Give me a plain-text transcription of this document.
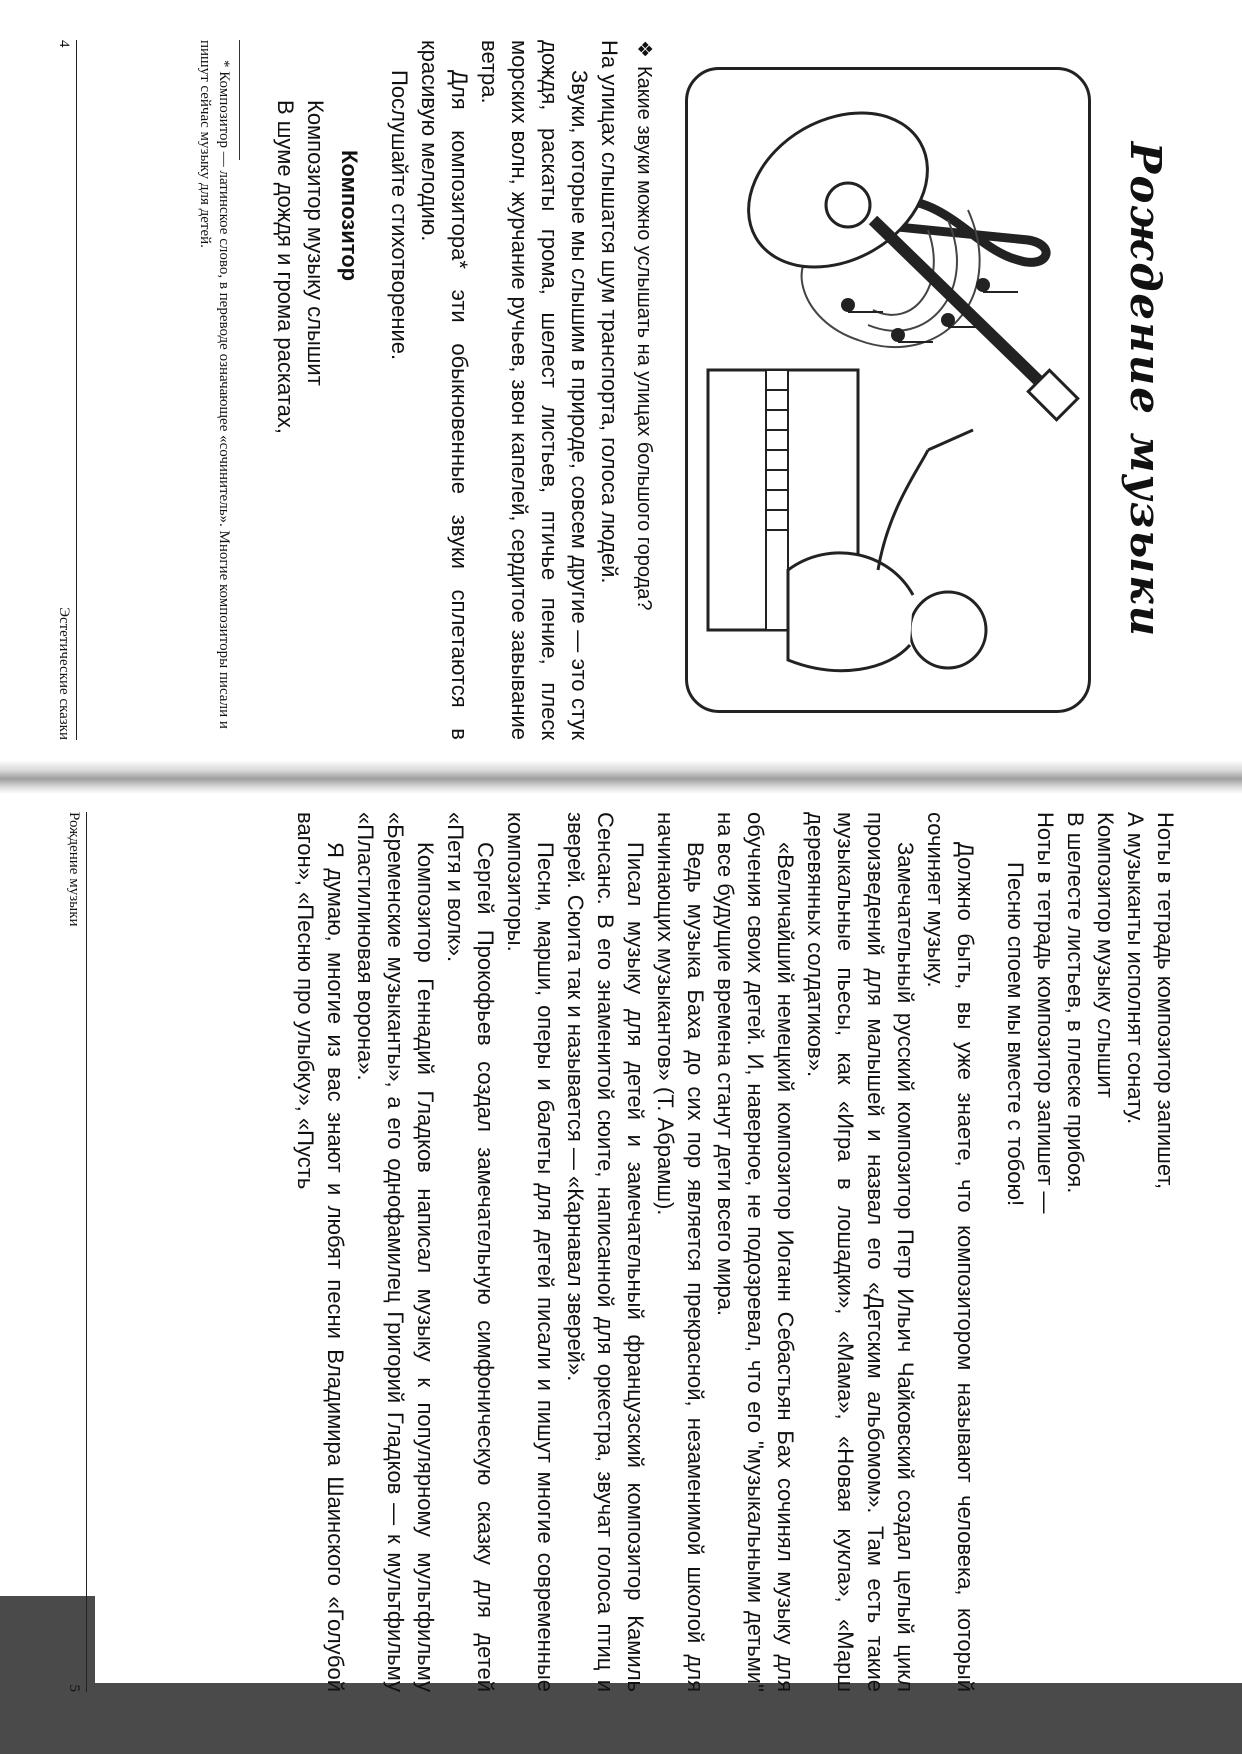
Рождение музыки

❖Какие звуки можно услышать на улицах большого города?

На улицах слышатся шум транспорта, голоса людей.

Звуки, которые мы слышим в природе, совсем другие — это стук дождя, раскаты грома, шелест листьев, птичье пение, плеск морских волн, журчание ручьев, звон капелей, сердитое завывание ветра.

Для композитора* эти обыкновенные звуки сплетаются в красивую мелодию.

Послушайте стихотворение.

Композитор

Композитор музыку слышит

В шуме дождя и грома раскатах,

* Композитор — латинское слово, в переводе означающее «сочинитель». Многие композиторы писали и пишут сейчас музыку для детей.

4
Эстетические сказки

Ноты в тетрадь композитор запишет,

А музыканты исполнят сонату.

Композитор музыку слышит

В шелесте листьев, в плеске прибоя.

Ноты в тетрадь композитор запишет —

Песню споем мы вместе с тобою!

Должно быть, вы уже знаете, что композитором называют человека, который сочиняет музыку.

Замечательный русский композитор Петр Ильич Чайковский создал целый цикл произведений для малышей и назвал его «Детским альбомом». Там есть такие музыкальные пьесы, как «Игра в лошадки», «Мама», «Новая кукла», «Марш деревянных солдатиков».

«Величайший немецкий композитор Иоганн Себастьян Бах сочинял музыку для обучения своих детей. И, наверное, не подозревал, что его "музыкальными детьми" на все будущие времена станут дети всего мира.

Ведь музыка Баха до сих пор является прекрасной, незаменимой школой для начинающих музыкантов» (Т. Абрамш).

Писал музыку для детей и замечательный французский композитор Камиль Сенсанс. В его знаменитой сюите, написанной для оркестра, звучат голоса птиц и зверей. Сюита так и называется — «Карнавал зверей».

Песни, марши, оперы и балеты для детей писали и пишут многие современные композиторы.

Сергей Прокофьев создал замечательную симфоническую сказку для детей «Петя и волк».

Композитор Геннадий Гладков написал музыку к популярному мультфильму «Бременские музыканты», а его однофамилец Григорий Гладков — к мультфильму «Пластилиновая ворона».

Я думаю, многие из вас знают и любят песни Владимира Шаинского «Голубой вагон», «Песню про улыбку», «Пусть

Рождение музыки
5
